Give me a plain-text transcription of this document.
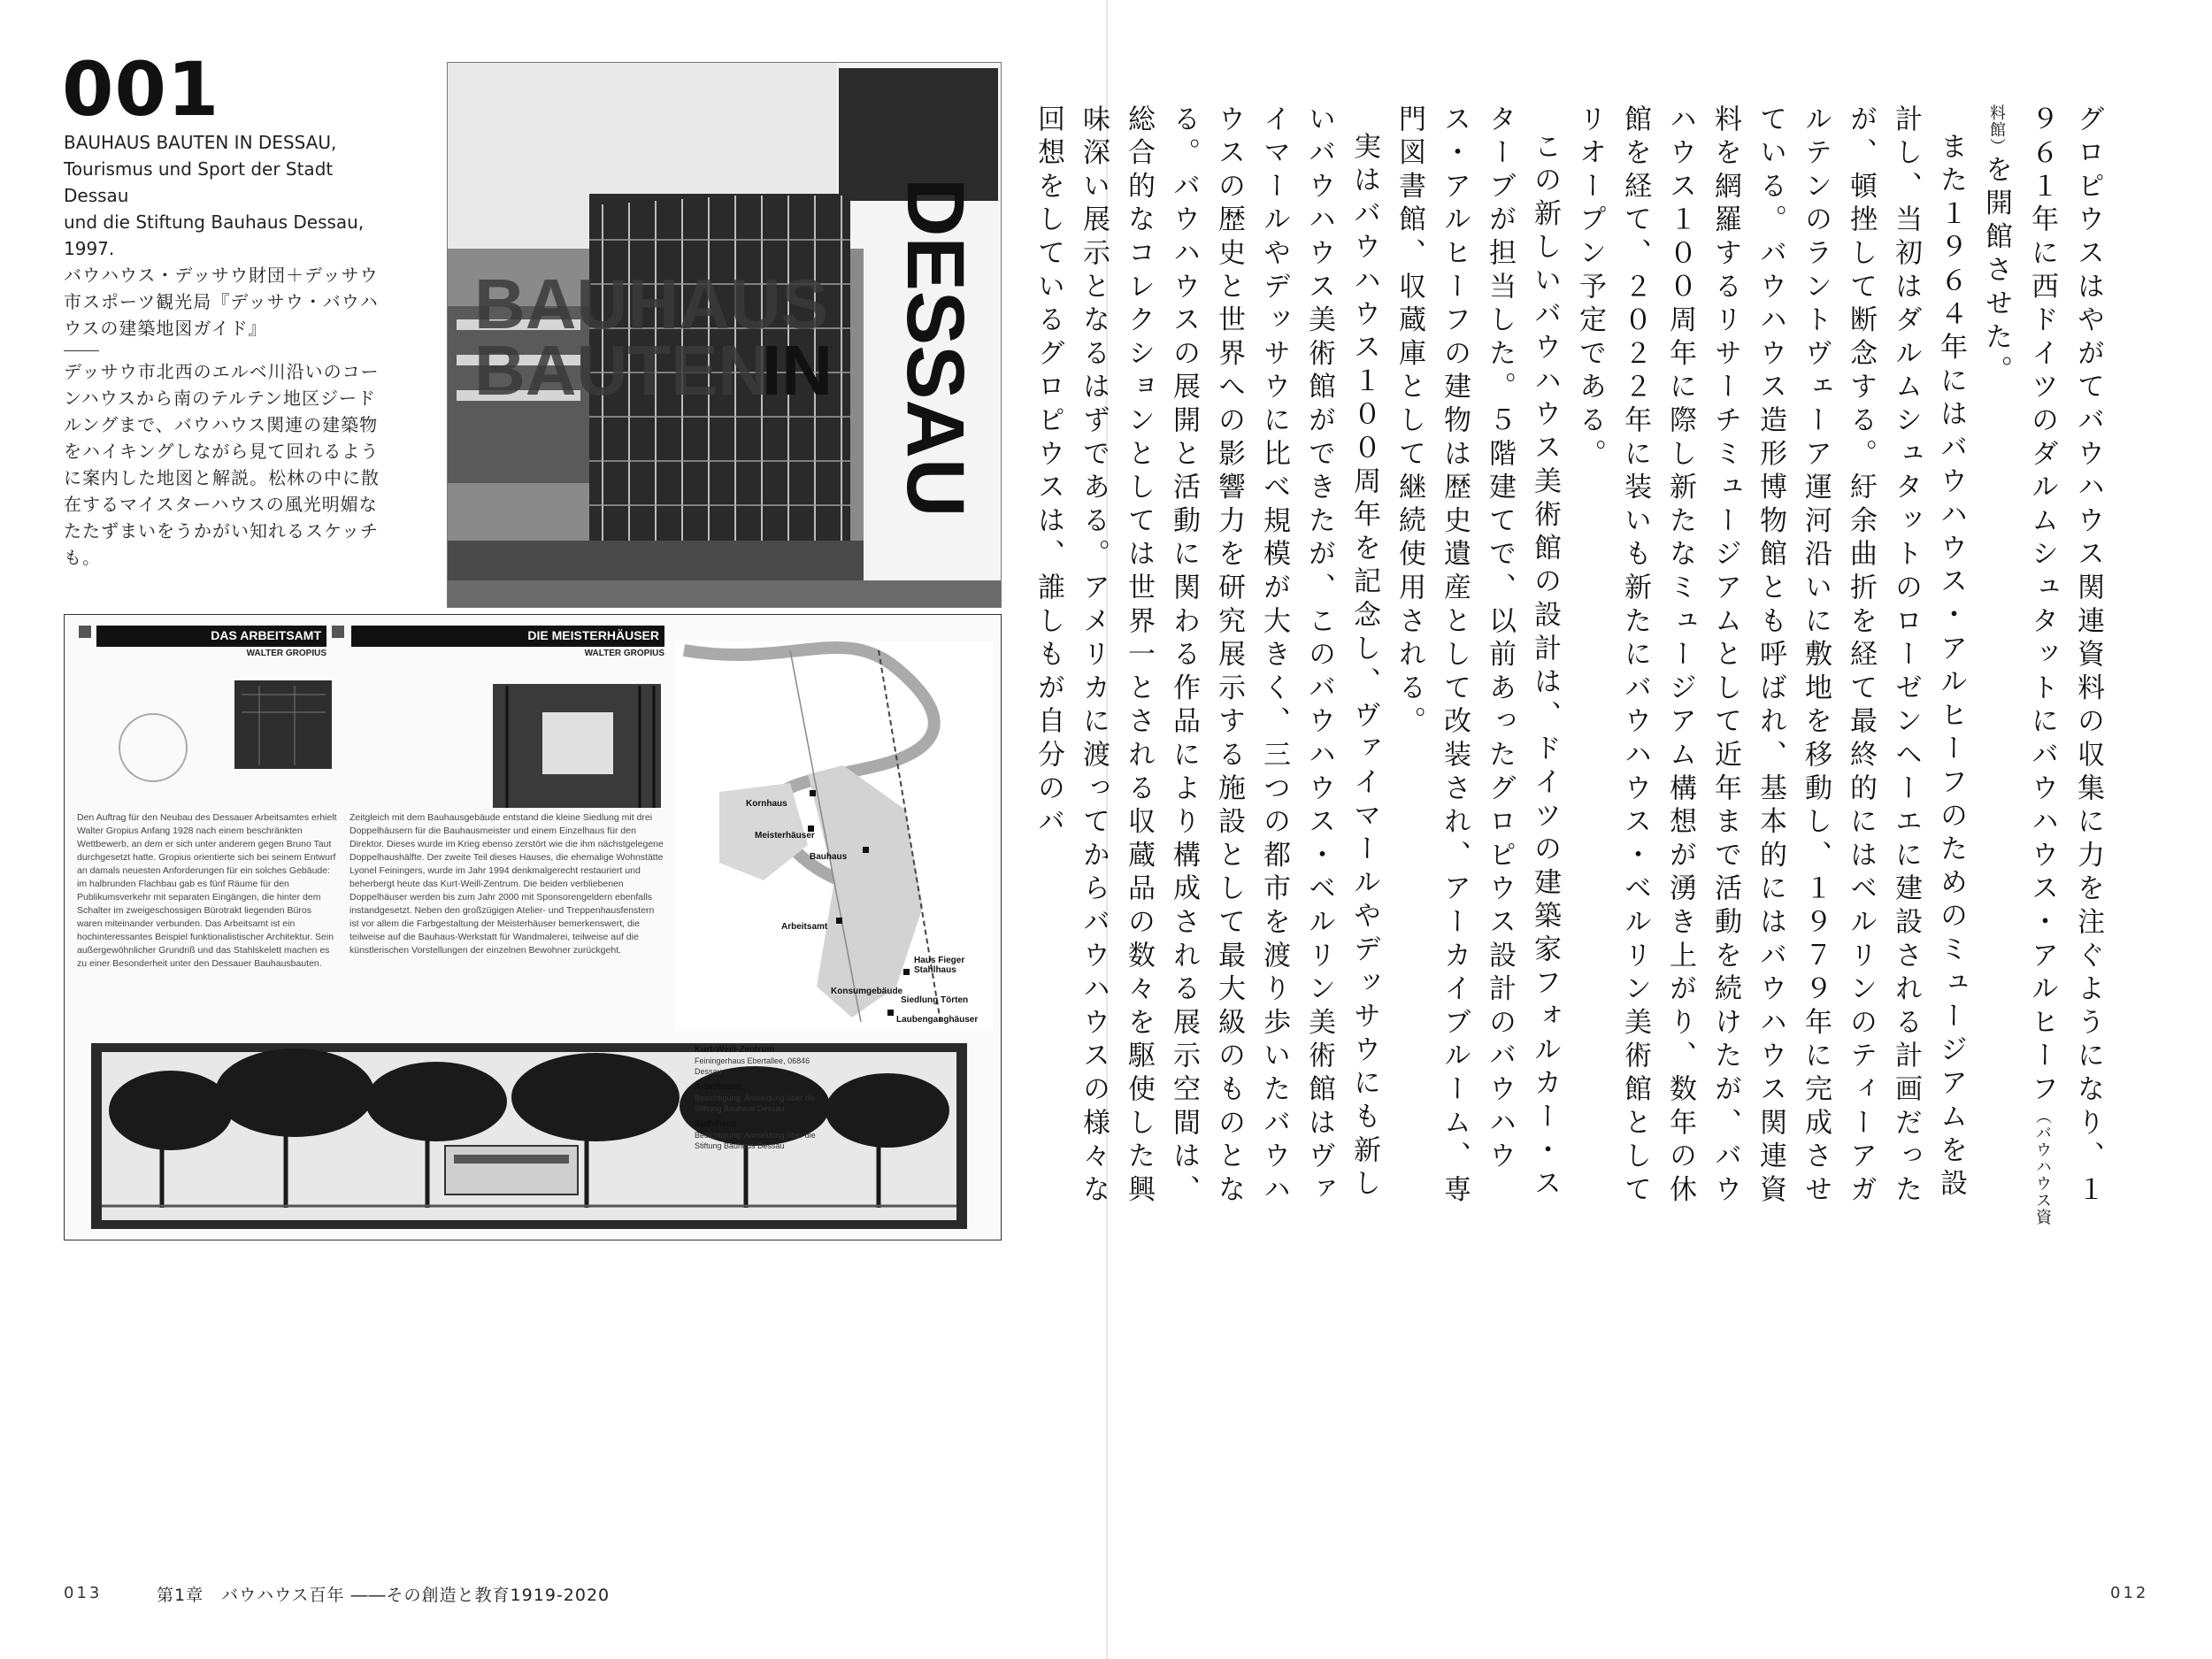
001

BAUHAUS BAUTEN IN DESSAU,

Tourismus und Sport der Stadt Dessau

und die Stiftung Bauhaus Dessau,

1997.

バウハウス・デッサウ財団＋デッサウ市スポーツ観光局『デッサウ・バウハウスの建築地図ガイド』

デッサウ市北西のエルベ川沿いのコーンハウスから南のテルテン地区ジードルングまで、バウハウス関連の建築物をハイキングしながら見て回れるように案内した地図と解説。松林の中に散在するマイスターハウスの風光明媚なたたずまいをうかがい知れるスケッチも。

BAUHAUS
BAUTEN
IN DESSAU
DAS ARBEITSAMT
WALTER GROPIUS
DIE MEISTERHÄUSER
WALTER GROPIUS

Den Auftrag für den Neubau des Dessauer Arbeitsamtes erhielt Walter Gropius Anfang 1928 nach einem beschränkten Wettbewerb, an dem er sich unter anderem gegen Bruno Taut durchgesetzt hatte. Gropius orientierte sich bei seinem Entwurf an damals neuesten Anforderungen für ein solches Gebäude: im halbrunden Flachbau gab es fünf Räume für den Publikumsverkehr mit separaten Eingängen, die hinter dem Schalter im zweigeschossigen Bürotrakt liegenden Büros waren miteinander verbunden. Das Arbeitsamt ist ein hochinteressantes Beispiel funktionalistischer Architektur. Sein außergewöhnlicher Grundriß und das Stahlskelett machen es zu einer Besonderheit unter den Dessauer Bauhausbauten.

Zeitgleich mit dem Bauhausgebäude entstand die kleine Siedlung mit drei Doppelhäusern für die Bauhausmeister und einem Einzelhaus für den Direktor. Dieses wurde im Krieg ebenso zerstört wie die ihm nächstgelegene Doppelhaushälfte. Der zweite Teil dieses Hauses, die ehemalige Wohnstätte Lyonel Feiningers, wurde im Jahr 1994 denkmalgerecht restauriert und beherbergt heute das Kurt-Weill-Zentrum. Die beiden verbliebenen Doppelhäuser werden bis zum Jahr 2000 mit Sponsorengeldern ebenfalls instandgesetzt. Neben den großzügigen Atelier- und Treppenhausfenstern ist vor allem die Farbgestaltung der Meisterhäuser bemerkenswert, die teilweise auf die Bauhaus-Werkstatt für Wandmalerei, teilweise auf die künstlerischen Vorstellungen der einzelnen Bewohner zurückgeht.

Kornhaus
Meisterhäuser
Bauhaus
Arbeitsamt
Haus Fieger Stahlhaus
Konsumgebäude
Siedlung Törten
Laubenganghäuser
Kurt-Weill-Zentrum
Feiningerhaus Ebertallee, 06846 Dessau
Arbeitsamt
Besichtigung: Anmeldung über die Stiftung Bauhaus Dessau
Stahlhaus
Besichtigung: Anmeldung über die Stiftung Bauhaus Dessau
013	第1章　バウハウス百年 ――その創造と教育1919-2020

グロピウスはやがてバウハウス関連資料の収集に力を注ぐようになり、１９６１年に西ドイツのダルムシュタットにバウハウス・アルヒーフ（バウハウス資料館）を開館させた。

また１９６４年にはバウハウス・アルヒーフのためのミュージアムを設計し、当初はダルムシュタットのローゼンヘーエに建設される計画だったが、頓挫して断念する。紆余曲折を経て最終的にはベルリンのティーアガルテンのラントヴェーア運河沿いに敷地を移動し、１９７９年に完成させている。バウハウス造形博物館とも呼ばれ、基本的にはバウハウス関連資料を網羅するリサーチミュージアムとして近年まで活動を続けたが、バウハウス１００周年に際し新たなミュージアム構想が湧き上がり、数年の休館を経て、２０２２年に装いも新たにバウハウス・ベルリン美術館としてリオープン予定である。

この新しいバウハウス美術館の設計は、ドイツの建築家フォルカー・スターブが担当した。５階建てで、以前あったグロピウス設計のバウハウス・アルヒーフの建物は歴史遺産として改装され、アーカイブルーム、専門図書館、収蔵庫として継続使用される。

実はバウハウス１００周年を記念し、ヴァイマールやデッサウにも新しいバウハウス美術館ができたが、このバウハウス・ベルリン美術館はヴァイマールやデッサウに比べ規模が大きく、三つの都市を渡り歩いたバウハウスの歴史と世界への影響力を研究展示する施設として最大級のものとなる。バウハウスの展開と活動に関わる作品により構成される展示空間は、総合的なコレクションとしては世界一とされる収蔵品の数々を駆使した興味深い展示となるはずである。アメリカに渡ってからバウハウスの様々な回想をしているグロピウスは、誰しもが自分のバ

012
